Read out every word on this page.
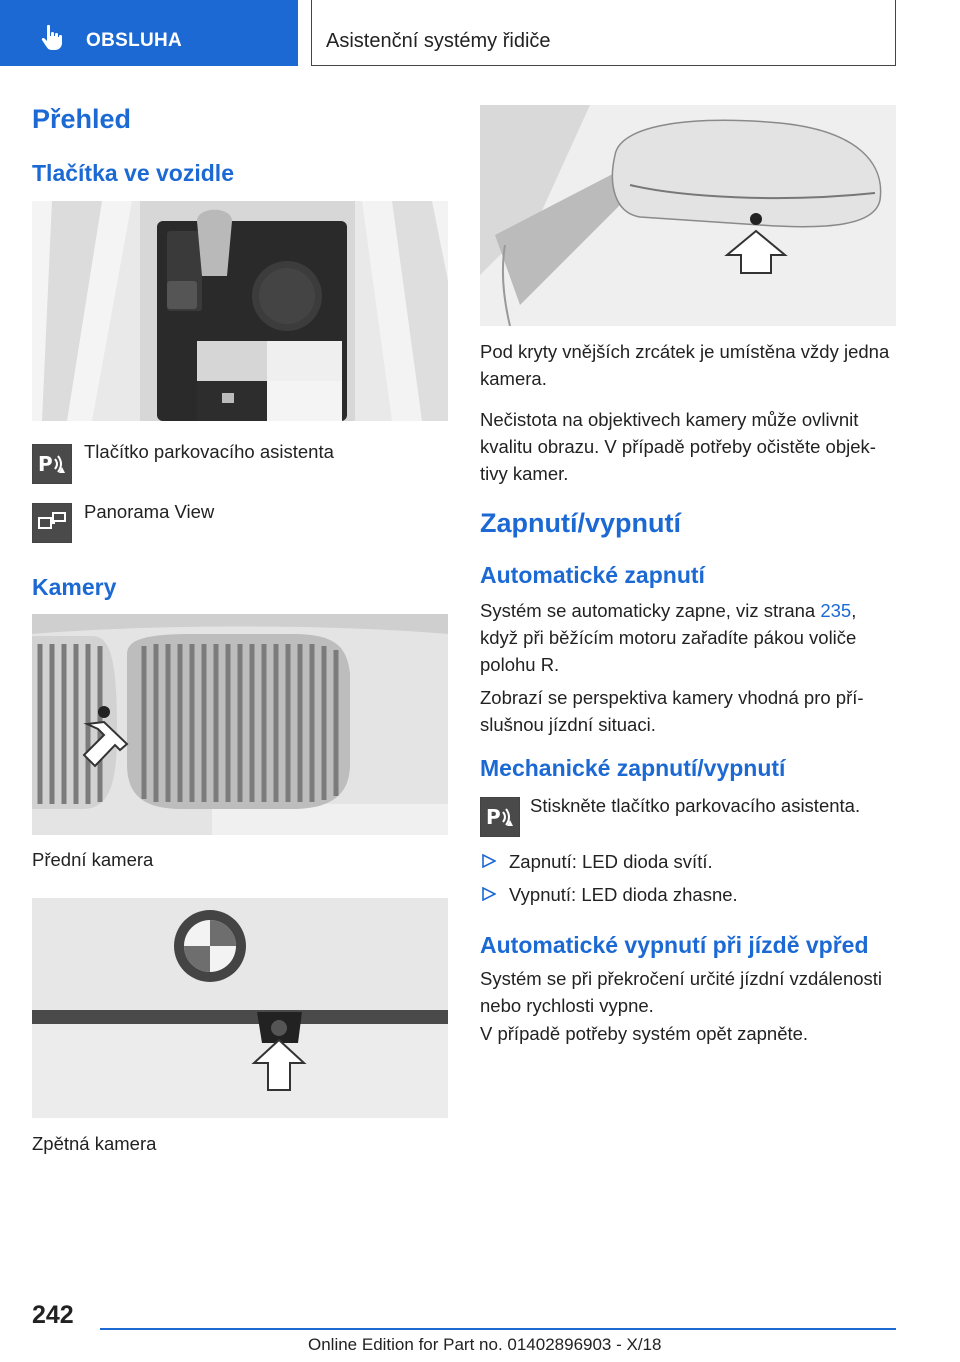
OBSLUHA	Asistenční systémy řidiče
Přehled
Tlačítka ve vozidle
P
Tlačítko parkovacího asistenta
Panorama View
Kamery
Přední kamera
Zpětná kamera
Pod kryty vnějších zrcátek je umístěna vždy jedna kamera.
Nečistota na objektivech kamery může ovlivnit kvalitu obrazu. V případě potřeby očistěte objek-tivy kamer.
Zapnutí/vypnutí
Automatické zapnutí
Systém se automaticky zapne, viz strana 235, když při běžícím motoru zařadíte pákou voliče polohu R.
Zobrazí se perspektiva kamery vhodná pro pří-slušnou jízdní situaci.
Mechanické zapnutí/vypnutí
P Stiskněte tlačítko parkovacího asistenta.
Zapnutí: LED dioda svítí.
Vypnutí: LED dioda zhasne.
Automatické vypnutí při jízdě vpřed
Systém se při překročení určité jízdní vzdálenosti nebo rychlosti vypne.
V případě potřeby systém opět zapněte.
242
Online Edition for Part no. 01402896903 - X/18
